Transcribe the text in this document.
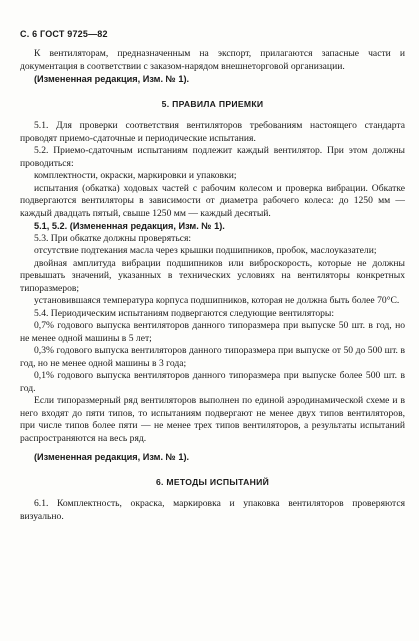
С. 6 ГОСТ 9725—82

К вентиляторам, предназначенным на экспорт, прилагаются запасные части и документация в соответствии с заказом-нарядом внешнеторговой организации.

(Измененная редакция, Изм. № 1).

5. ПРАВИЛА ПРИЕМКИ

5.1. Для проверки соответствия вентиляторов требованиям настоящего стандарта проводят приемо-сдаточные и периодические испытания.

5.2. Приемо-сдаточным испытаниям подлежит каждый вентилятор. При этом должны проводиться:

комплектности, окраски, маркировки и упаковки;

испытания (обкатка) ходовых частей с рабочим колесом и проверка вибрации. Обкатке подвергаются вентиляторы в зависимости от диаметра рабочего колеса: до 1250 мм — каждый двадцать пятый, свыше 1250 мм — каждый десятый.

5.1, 5.2. (Измененная редакция, Изм. № 1).

5.3. При обкатке должны проверяться:

отсутствие подтекания масла через крышки подшипников, пробок, маслоуказатели;

двойная амплитуда вибрации подшипников или виброскорость, которые не должны превышать значений, указанных в технических условиях на вентиляторы конкретных типоразмеров;

установившаяся температура корпуса подшипников, которая не должна быть более 70°С.

5.4. Периодическим испытаниям подвергаются следующие вентиляторы:

0,7% годового выпуска вентиляторов данного типоразмера при выпуске 50 шт. в год, но не менее одной машины в 5 лет;

0,3% годового выпуска вентиляторов данного типоразмера при выпуске от 50 до 500 шт. в год, но не менее одной машины в 3 года;

0,1% годового выпуска вентиляторов данного типоразмера при выпуске более 500 шт. в год.

Если типоразмерный ряд вентиляторов выполнен по единой аэродинамической схеме и в него входят до пяти типов, то испытаниям подвергают не менее двух типов вентиляторов, при числе типов более пяти — не менее трех типов вентиляторов, а результаты испытаний распространяются на весь ряд.

(Измененная редакция, Изм. № 1).

6. МЕТОДЫ ИСПЫТАНИЙ

6.1. Комплектность, окраска, маркировка и упаковка вентиляторов проверяются визуально.
